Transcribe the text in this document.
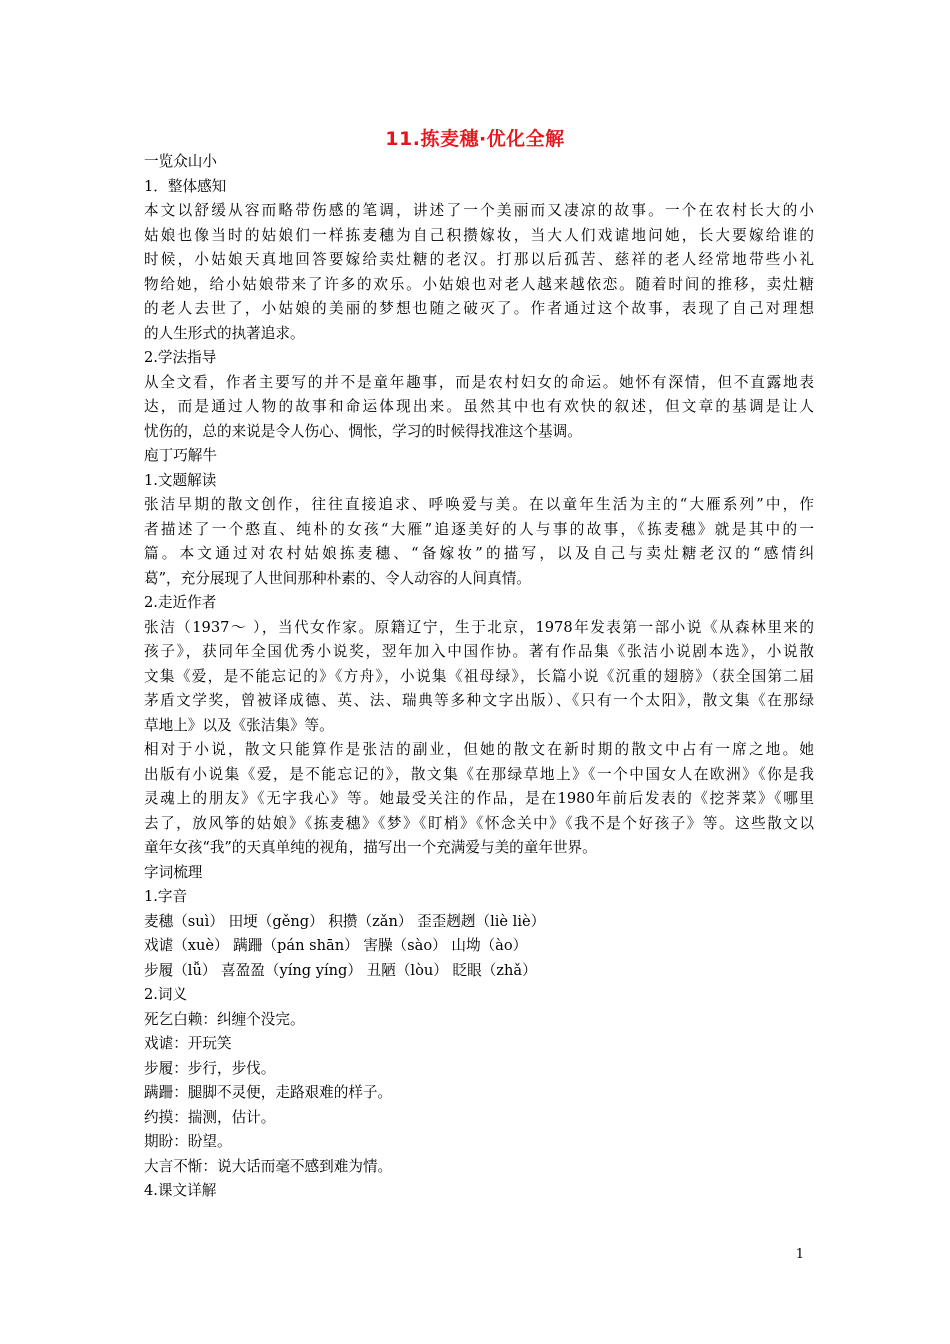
11.拣麦穗·优化全解
一览众山小
1．整体感知
本文以舒缓从容而略带伤感的笔调，讲述了一个美丽而又凄凉的故事。一个在农村长大的小
姑娘也像当时的姑娘们一样拣麦穗为自己积攒嫁妆，当大人们戏谑地问她，长大要嫁给谁的
时候，小姑娘天真地回答要嫁给卖灶糖的老汉。打那以后孤苦、慈祥的老人经常地带些小礼
物给她，给小姑娘带来了许多的欢乐。小姑娘也对老人越来越依恋。随着时间的推移，卖灶糖
的老人去世了，小姑娘的美丽的梦想也随之破灭了。作者通过这个故事，表现了自己对理想
的人生形式的执著追求。
2.学法指导
从全文看，作者主要写的并不是童年趣事，而是农村妇女的命运。她怀有深情，但不直露地表
达，而是通过人物的故事和命运体现出来。虽然其中也有欢快的叙述，但文章的基调是让人
忧伤的，总的来说是令人伤心、惆怅，学习的时候得找准这个基调。
庖丁巧解牛
1.文题解读
张洁早期的散文创作，往往直接追求、呼唤爱与美。在以童年生活为主的“大雁系列”中，作
者描述了一个憨直、纯朴的女孩“大雁”追逐美好的人与事的故事，《拣麦穗》就是其中的一
篇。本文通过对农村姑娘拣麦穗、“备嫁妆”的描写，以及自己与卖灶糖老汉的“感情纠
葛”，充分展现了人世间那种朴素的、令人动容的人间真情。
2.走近作者
张洁（1937～ ），当代女作家。原籍辽宁，生于北京，1978年发表第一部小说《从森林里来的
孩子》，获同年全国优秀小说奖，翌年加入中国作协。著有作品集《张洁小说剧本选》，小说散
文集《爱，是不能忘记的》《方舟》，小说集《祖母绿》，长篇小说《沉重的翅膀》（获全国第二届
茅盾文学奖，曾被译成德、英、法、瑞典等多种文字出版）、《只有一个太阳》，散文集《在那绿
草地上》以及《张洁集》等。
相对于小说，散文只能算作是张洁的副业，但她的散文在新时期的散文中占有一席之地。她
出版有小说集《爱，是不能忘记的》，散文集《在那绿草地上》《一个中国女人在欧洲》《你是我
灵魂上的朋友》《无字我心》等。她最受关注的作品，是在1980年前后发表的《挖荠菜》《哪里
去了，放风筝的姑娘》《拣麦穗》《梦》《盯梢》《怀念关中》《我不是个好孩子》等。这些散文以
童年女孩“我”的天真单纯的视角，描写出一个充满爱与美的童年世界。
字词梳理
1.字音
麦穗（suì） 田埂（gěng） 积攒（zǎn） 歪歪趔趔（liè liè）
戏谑（xuè） 蹒跚（pán shān） 害臊（sào） 山坳（ào）
步履（lǚ） 喜盈盈（yíng yíng） 丑陋（lòu） 眨眼（zhǎ）
2.词义
死乞白赖：纠缠个没完。
戏谑：开玩笑
步履：步行，步伐。
蹒跚：腿脚不灵便，走路艰难的样子。
约摸：揣测，估计。
期盼：盼望。
大言不惭：说大话而毫不感到难为情。
4.课文详解
1
